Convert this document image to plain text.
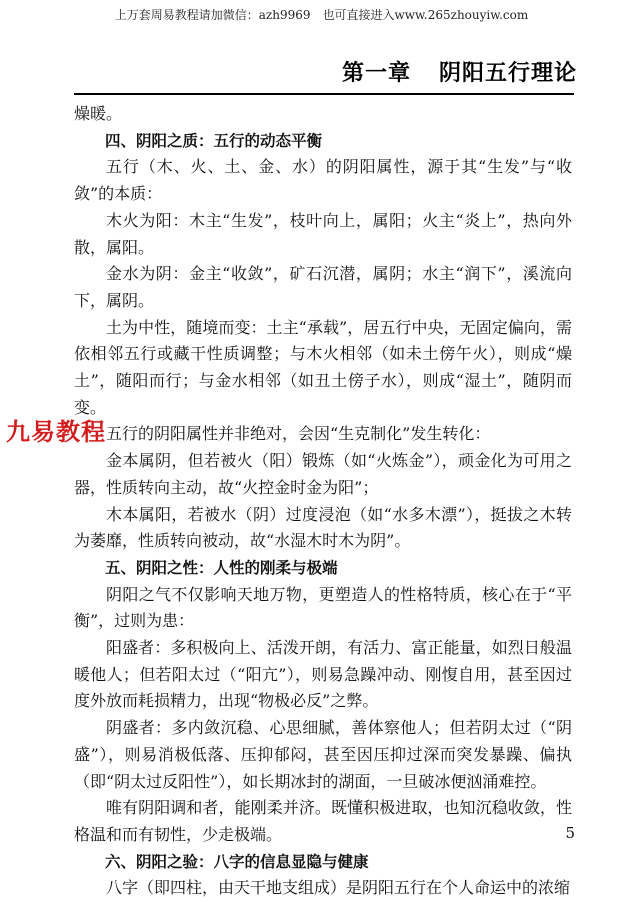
上万套周易教程请加微信：azh9969　也可直接进入www.265zhouyiw.com
第一章 阴阳五行理论

燥暖。

四、阴阳之质：五行的动态平衡

五行（木、火、土、金、水）的阴阳属性，源于其“生发”与“收敛”的本质：

木火为阳：木主“生发”，枝叶向上，属阳；火主“炎上”，热向外散，属阳。

金水为阴：金主“收敛”，矿石沉潜，属阴；水主“润下”，溪流向下，属阴。

土为中性，随境而变：土主“承载”，居五行中央，无固定偏向，需依相邻五行或藏干性质调整；与木火相邻（如未土傍午火），则成“燥土”，随阳而行；与金水相邻（如丑土傍子水），则成“湿土”，随阴而变。

五行的阴阳属性并非绝对，会因“生克制化”发生转化：

金本属阴，但若被火（阳）锻炼（如“火炼金”），顽金化为可用之器，性质转向主动，故“火控金时金为阳”；

木本属阳，若被水（阴）过度浸泡（如“水多木漂”），挺拔之木转为萎靡，性质转向被动，故“水湿木时木为阴”。

五、阴阳之性：人性的刚柔与极端

阴阳之气不仅影响天地万物，更塑造人的性格特质，核心在于“平衡”，过则为患：

阳盛者：多积极向上、活泼开朗，有活力、富正能量，如烈日般温暖他人；但若阳太过（“阳亢”），则易急躁冲动、刚愎自用，甚至因过度外放而耗损精力，出现“物极必反”之弊。

阴盛者：多内敛沉稳、心思细腻，善体察他人；但若阴太过（“阴盛”），则易消极低落、压抑郁闷，甚至因压抑过深而突发暴躁、偏执（即“阴太过反阳性”），如长期冰封的湖面，一旦破冰便汹涌难控。

唯有阴阳调和者，能刚柔并济。既懂积极进取，也知沉稳收敛，性格温和而有韧性，少走极端。

六、阴阳之验：八字的信息显隐与健康

八字（即四柱，由天干地支组成）是阴阳五行在个人命运中的浓缩

九易教程
5
